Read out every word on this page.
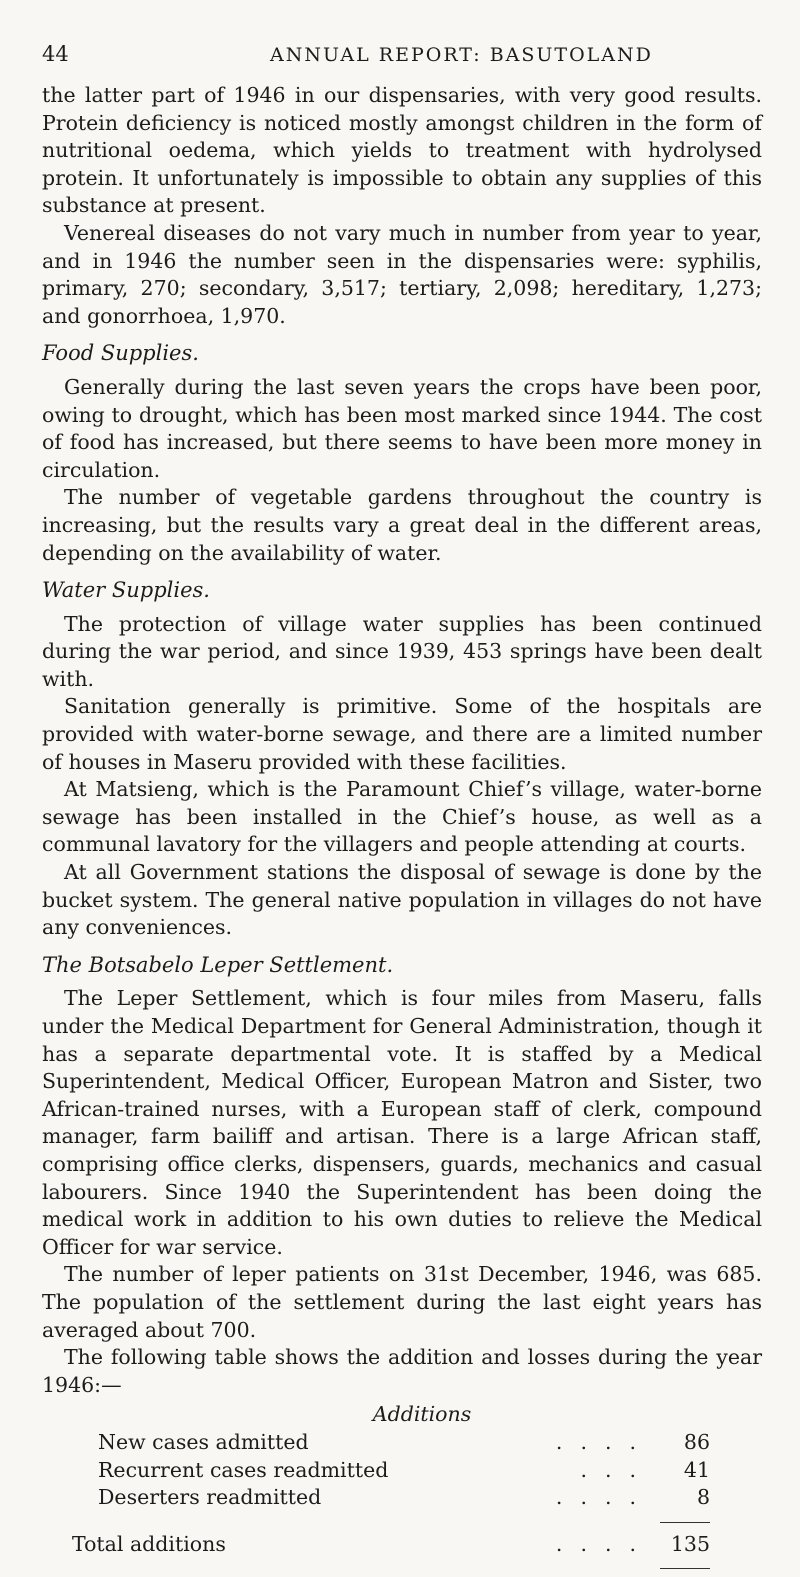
44	ANNUAL REPORT: BASUTOLAND

the latter part of 1946 in our dispensaries, with very good results. Protein deficiency is noticed mostly amongst children in the form of nutritional oedema, which yields to treatment with hydrolysed protein. It unfortunately is impossible to obtain any supplies of this substance at present.

Venereal diseases do not vary much in number from year to year, and in 1946 the number seen in the dispensaries were: syphilis, primary, 270; secondary, 3,517; tertiary, 2,098; hereditary, 1,273; and gonorrhoea, 1,970.

Food Supplies.

Generally during the last seven years the crops have been poor, owing to drought, which has been most marked since 1944. The cost of food has increased, but there seems to have been more money in circulation.

The number of vegetable gardens throughout the country is increasing, but the results vary a great deal in the different areas, depending on the availability of water.

Water Supplies.

The protection of village water supplies has been continued during the war period, and since 1939, 453 springs have been dealt with.

Sanitation generally is primitive. Some of the hospitals are provided with water-borne sewage, and there are a limited number of houses in Maseru provided with these facilities.

At Matsieng, which is the Paramount Chief’s village, water-borne sewage has been installed in the Chief’s house, as well as a communal lavatory for the villagers and people attending at courts.

At all Government stations the disposal of sewage is done by the bucket system. The general native population in villages do not have any conveniences.

The Botsabelo Leper Settlement.

The Leper Settlement, which is four miles from Maseru, falls under the Medical Department for General Administration, though it has a separate departmental vote. It is staffed by a Medical Superintendent, Medical Officer, European Matron and Sister, two African-trained nurses, with a European staff of clerk, compound manager, farm bailiff and artisan. There is a large African staff, comprising office clerks, dispensers, guards, mechanics and casual labourers. Since 1940 the Superintendent has been doing the medical work in addition to his own duties to relieve the Medical Officer for war service.

The number of leper patients on 31st December, 1946, was 685. The population of the settlement during the last eight years has averaged about 700.

The following table shows the addition and losses during the year 1946:—

Additions
New cases admitted	....	86
Recurrent cases readmitted	...	41
Deserters readmitted	....	8
Total additions	.... 135
